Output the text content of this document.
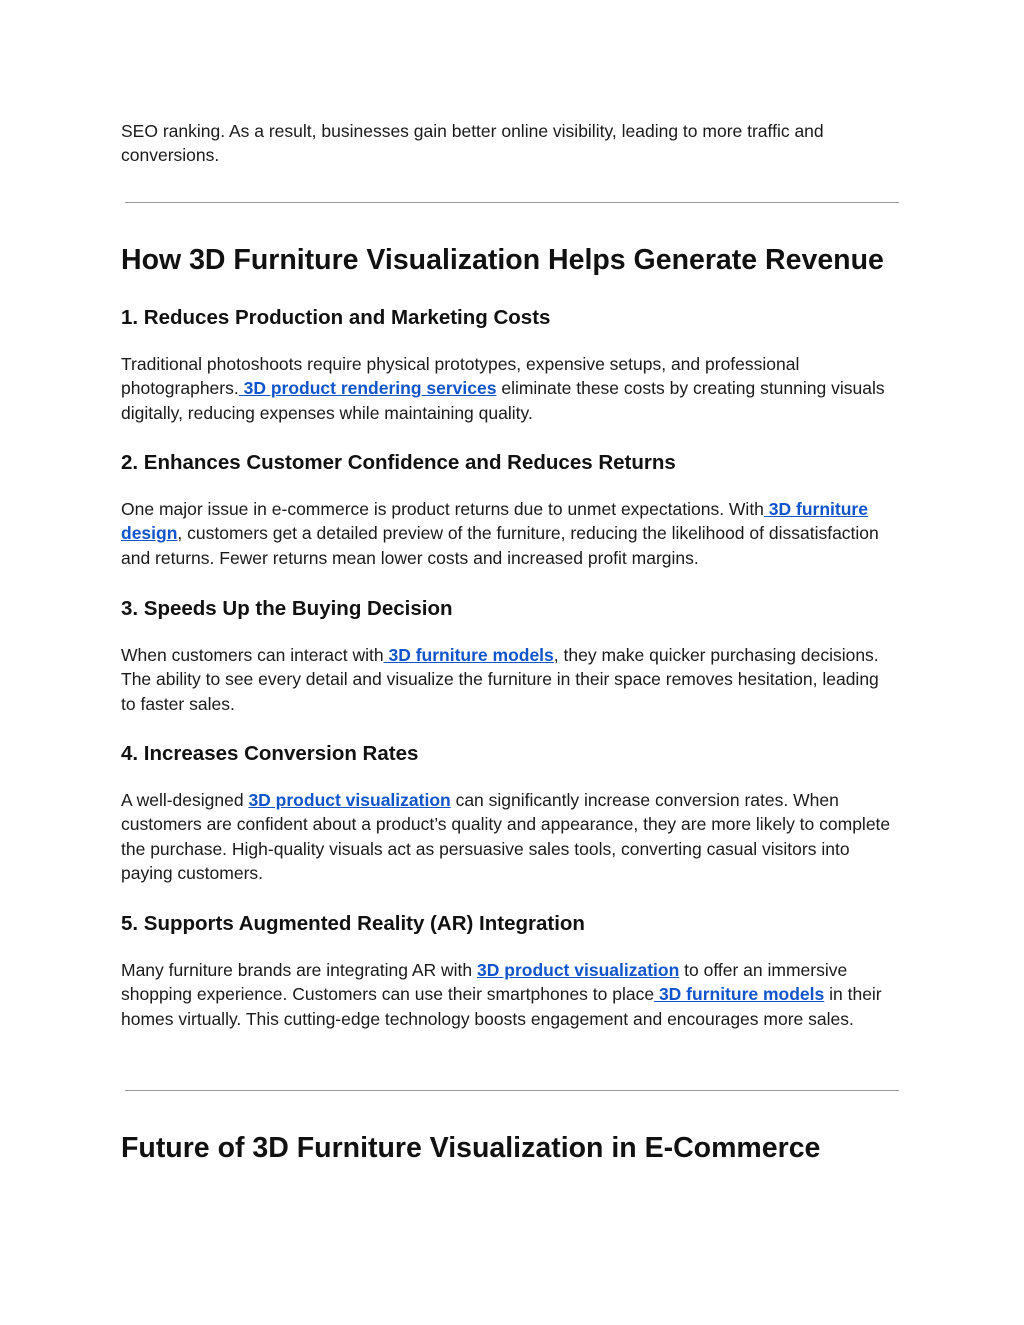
SEO ranking. As a result, businesses gain better online visibility, leading to more traffic and
conversions.

How 3D Furniture Visualization Helps Generate Revenue
1. Reduces Production and Marketing Costs

Traditional photoshoots require physical prototypes, expensive setups, and professional photographers. 3D product rendering services eliminate these costs by creating stunning visuals digitally, reducing expenses while maintaining quality.

2. Enhances Customer Confidence and Reduces Returns

One major issue in e-commerce is product returns due to unmet expectations. With 3D furniture design, customers get a detailed preview of the furniture, reducing the likelihood of dissatisfaction and returns. Fewer returns mean lower costs and increased profit margins.

3. Speeds Up the Buying Decision

When customers can interact with 3D furniture models, they make quicker purchasing decisions. The ability to see every detail and visualize the furniture in their space removes hesitation, leading to faster sales.

4. Increases Conversion Rates

A well-designed 3D product visualization can significantly increase conversion rates. When customers are confident about a product’s quality and appearance, they are more likely to complete the purchase. High-quality visuals act as persuasive sales tools, converting casual visitors into paying customers.

5. Supports Augmented Reality (AR) Integration

Many furniture brands are integrating AR with 3D product visualization to offer an immersive shopping experience. Customers can use their smartphones to place 3D furniture models in their homes virtually. This cutting-edge technology boosts engagement and encourages more sales.

Future of 3D Furniture Visualization in E-Commerce
